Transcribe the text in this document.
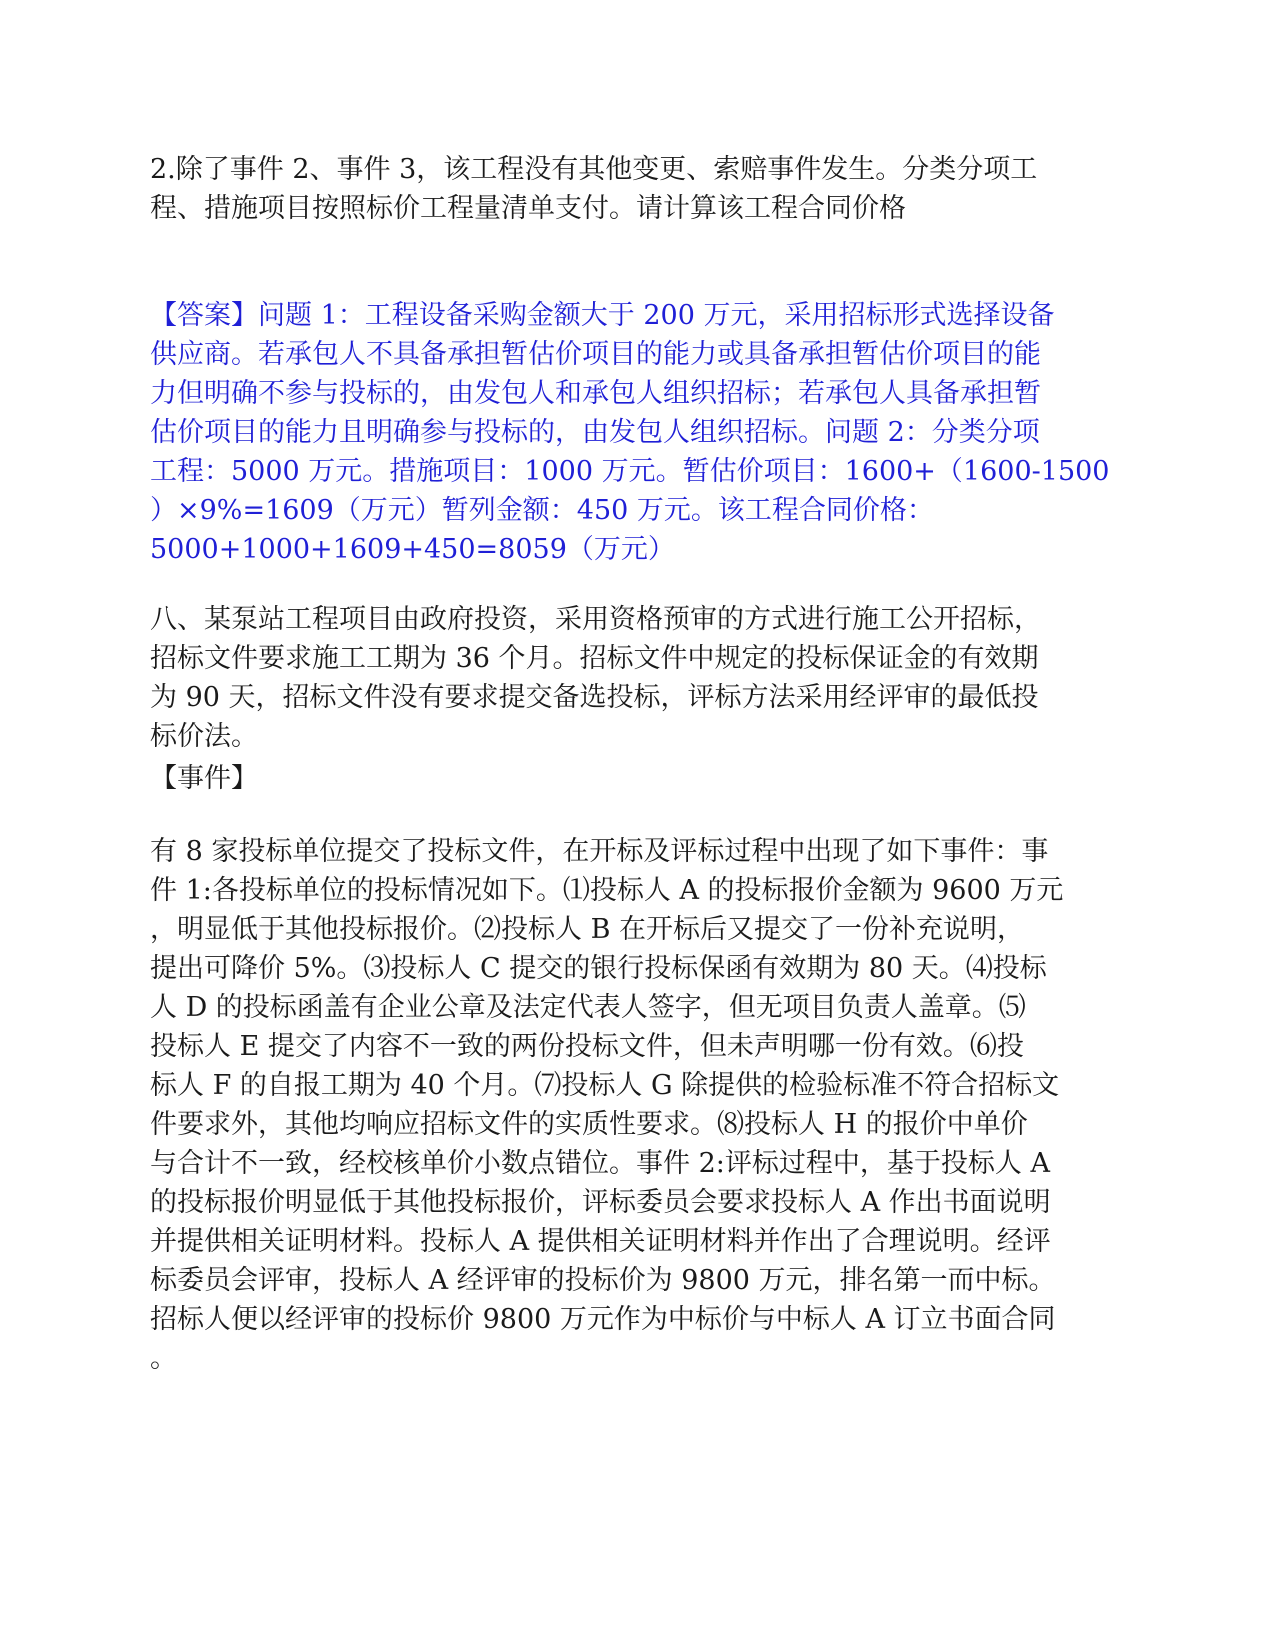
2.除了事件 2、事件 3，该工程没有其他变更、索赔事件发生。分类分项工
程、措施项目按照标价工程量清单支付。请计算该工程合同价格

【答案】问题 1：工程设备采购金额大于 200 万元，采用招标形式选择设备
供应商。若承包人不具备承担暂估价项目的能力或具备承担暂估价项目的能
力但明确不参与投标的，由发包人和承包人组织招标；若承包人具备承担暂
估价项目的能力且明确参与投标的，由发包人组织招标。问题 2：分类分项
工程：5000 万元。措施项目：1000 万元。暂估价项目：1600+（1600-1500
）×9%=1609（万元）暂列金额：450 万元。该工程合同价格：
5000+1000+1609+450=8059（万元）

八、某泵站工程项目由政府投资，采用资格预审的方式进行施工公开招标，
招标文件要求施工工期为 36 个月。招标文件中规定的投标保证金的有效期
为 90 天，招标文件没有要求提交备选投标，评标方法采用经评审的最低投
标价法。

【事件】

有 8 家投标单位提交了投标文件，在开标及评标过程中出现了如下事件：事
件 1:各投标单位的投标情况如下。⑴投标人 A 的投标报价金额为 9600 万元
，明显低于其他投标报价。⑵投标人 B 在开标后又提交了一份补充说明，
提出可降价 5%。⑶投标人 C 提交的银行投标保函有效期为 80 天。⑷投标
人 D 的投标函盖有企业公章及法定代表人签字，但无项目负责人盖章。⑸
投标人 E 提交了内容不一致的两份投标文件，但未声明哪一份有效。⑹投
标人 F 的自报工期为 40 个月。⑺投标人 G 除提供的检验标准不符合招标文
件要求外，其他均响应招标文件的实质性要求。⑻投标人 H 的报价中单价
与合计不一致，经校核单价小数点错位。事件 2:评标过程中，基于投标人 A
的投标报价明显低于其他投标报价，评标委员会要求投标人 A 作出书面说明
并提供相关证明材料。投标人 A 提供相关证明材料并作出了合理说明。经评
标委员会评审，投标人 A 经评审的投标价为 9800 万元，排名第一而中标。
招标人便以经评审的投标价 9800 万元作为中标价与中标人 A 订立书面合同
。
